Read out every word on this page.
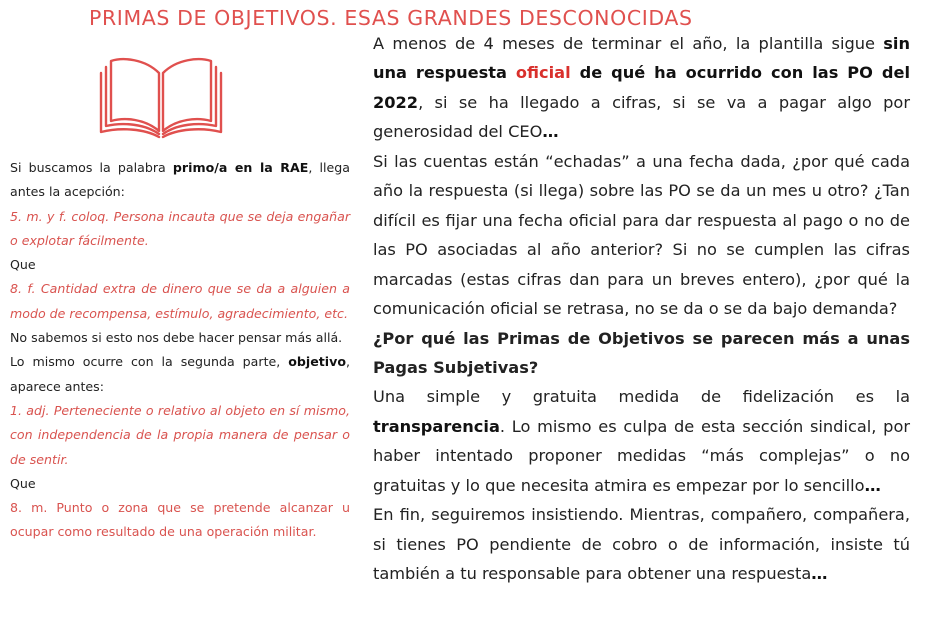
PRIMAS DE OBJETIVOS. ESAS GRANDES DESCONOCIDAS

Si buscamos la palabra primo/a en la RAE, llega antes la acepción:

5. m. y f. coloq. Persona incauta que se deja engañar o explotar fácilmente.

Que

8. f. Cantidad extra de dinero que se da a alguien a modo de recompensa, estímulo, agradecimiento, etc.

No sabemos si esto nos debe hacer pensar más allá.

Lo mismo ocurre con la segunda parte, objetivo, aparece antes:

1. adj. Perteneciente o relativo al objeto en sí mismo, con independencia de la propia manera de pensar o de sentir.

Que

8. m. Punto o zona que se pretende alcanzar u ocupar como resultado de una operación militar.

A menos de 4 meses de terminar el año, la plantilla sigue sin una respuesta oficial de qué ha ocurrido con las PO del 2022, si se ha llegado a cifras, si se va a pagar algo por generosidad del CEO…

Si las cuentas están “echadas” a una fecha dada, ¿por qué cada año la respuesta (si llega) sobre las PO se da un mes u otro? ¿Tan difícil es fijar una fecha oficial para dar respuesta al pago o no de las PO asociadas al año anterior? Si no se cumplen las cifras marcadas (estas cifras dan para un breves entero), ¿por qué la comunicación oficial se retrasa, no se da o se da bajo demanda?

¿Por qué las Primas de Objetivos se parecen más a unas Pagas Subjetivas?

Una simple y gratuita medida de fidelización es la transparencia. Lo mismo es culpa de esta sección sindical, por haber intentado proponer medidas “más complejas” o no gratuitas y lo que necesita atmira es empezar por lo sencillo…

En fin, seguiremos insistiendo. Mientras, compañero, compañera, si tienes PO pendiente de cobro o de información, insiste tú también a tu responsable para obtener una respuesta…
